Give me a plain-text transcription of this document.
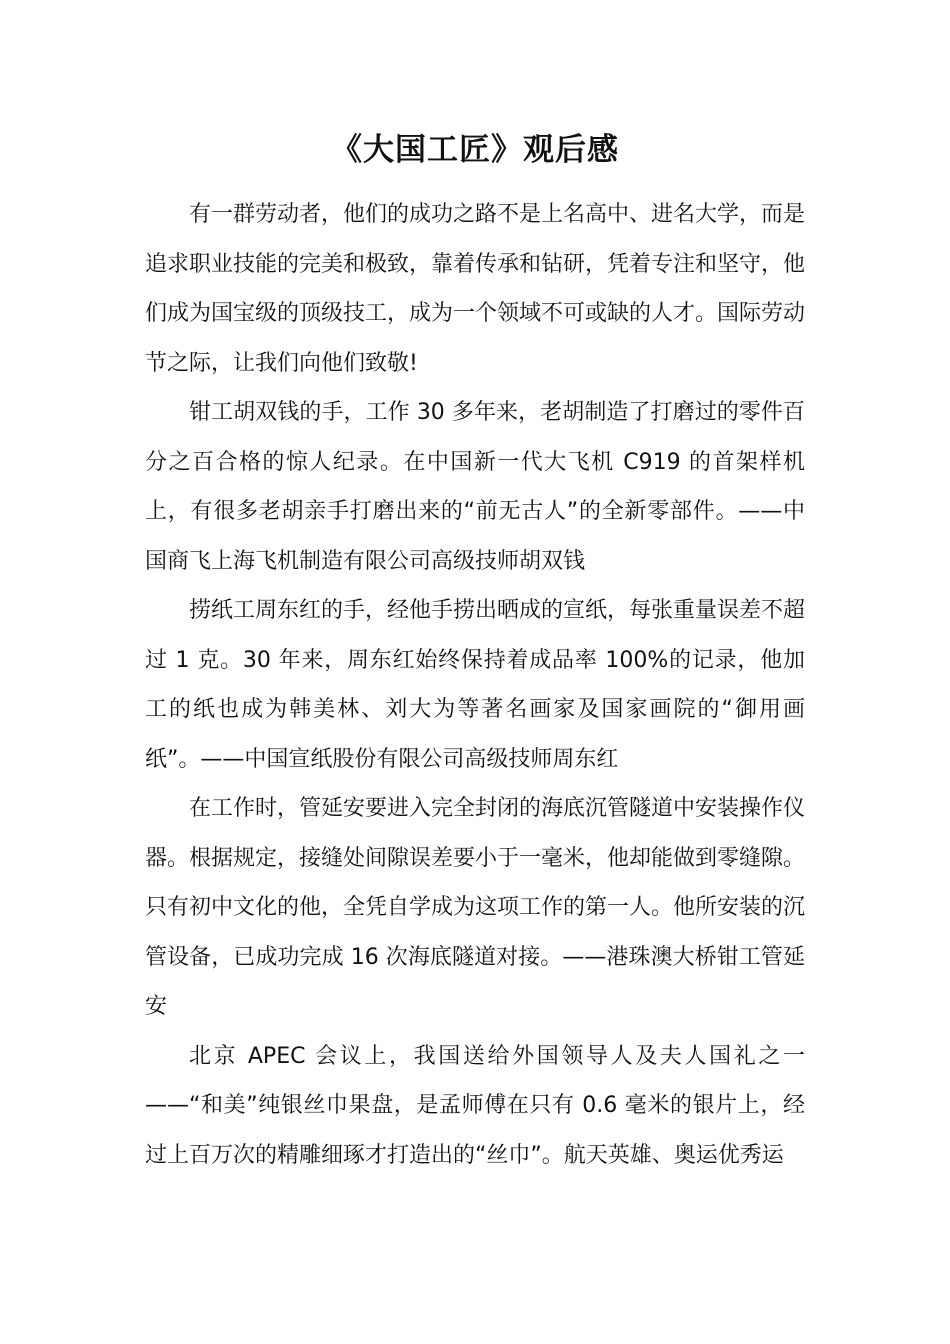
《大国工匠》观后感

有一群劳动者，他们的成功之路不是上名高中、进名大学，而是追求职业技能的完美和极致，靠着传承和钻研，凭着专注和坚守，他们成为国宝级的顶级技工，成为一个领域不可或缺的人才。国际劳动节之际，让我们向他们致敬!

钳工胡双钱的手，工作 30 多年来，老胡制造了打磨过的零件百分之百合格的惊人纪录。在中国新一代大飞机 C919 的首架样机上，有很多老胡亲手打磨出来的“前无古人”的全新零部件。——中国商飞上海飞机制造有限公司高级技师胡双钱

捞纸工周东红的手，经他手捞出晒成的宣纸，每张重量误差不超过 1 克。30 年来，周东红始终保持着成品率 100%的记录，他加工的纸也成为韩美林、刘大为等著名画家及国家画院的“御用画纸”。——中国宣纸股份有限公司高级技师周东红

在工作时，管延安要进入完全封闭的海底沉管隧道中安装操作仪器。根据规定，接缝处间隙误差要小于一毫米，他却能做到零缝隙。只有初中文化的他，全凭自学成为这项工作的第一人。他所安装的沉管设备，已成功完成 16 次海底隧道对接。——港珠澳大桥钳工管延安

北京 APEC 会议上，我国送给外国领导人及夫人国礼之一——“和美”纯银丝巾果盘，是孟师傅在只有 0.6 毫米的银片上，经过上百万次的精雕细琢才打造出的“丝巾”。航天英雄、奥运优秀运
